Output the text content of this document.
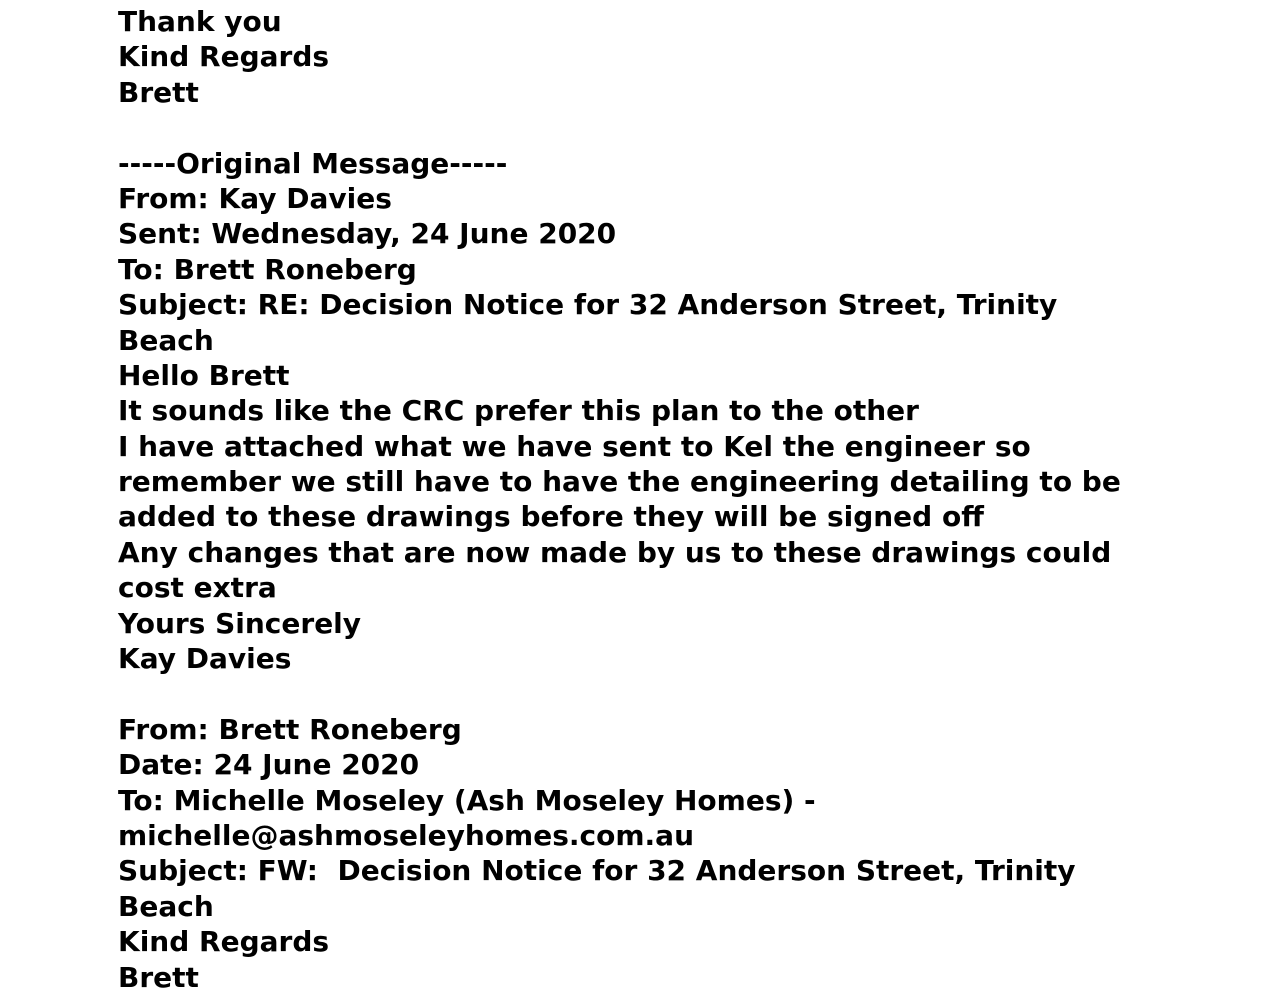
Thank you
Kind Regards
Brett
-----Original Message-----
From: Kay Davies
Sent: Wednesday, 24 June 2020
To: Brett Roneberg
Subject: RE: Decision Notice for 32 Anderson Street, Trinity
Beach
Hello Brett
It sounds like the CRC prefer this plan to the other
I have attached what we have sent to Kel the engineer so
remember we still have to have the engineering detailing to be
added to these drawings before they will be signed off
Any changes that are now made by us to these drawings could
cost extra
Yours Sincerely
Kay Davies
From: Brett Roneberg
Date: 24 June 2020
To: Michelle Moseley (Ash Moseley Homes) -
michelle@ashmoseleyhomes.com.au
Subject: FW:  Decision Notice for 32 Anderson Street, Trinity
Beach
Kind Regards
Brett
